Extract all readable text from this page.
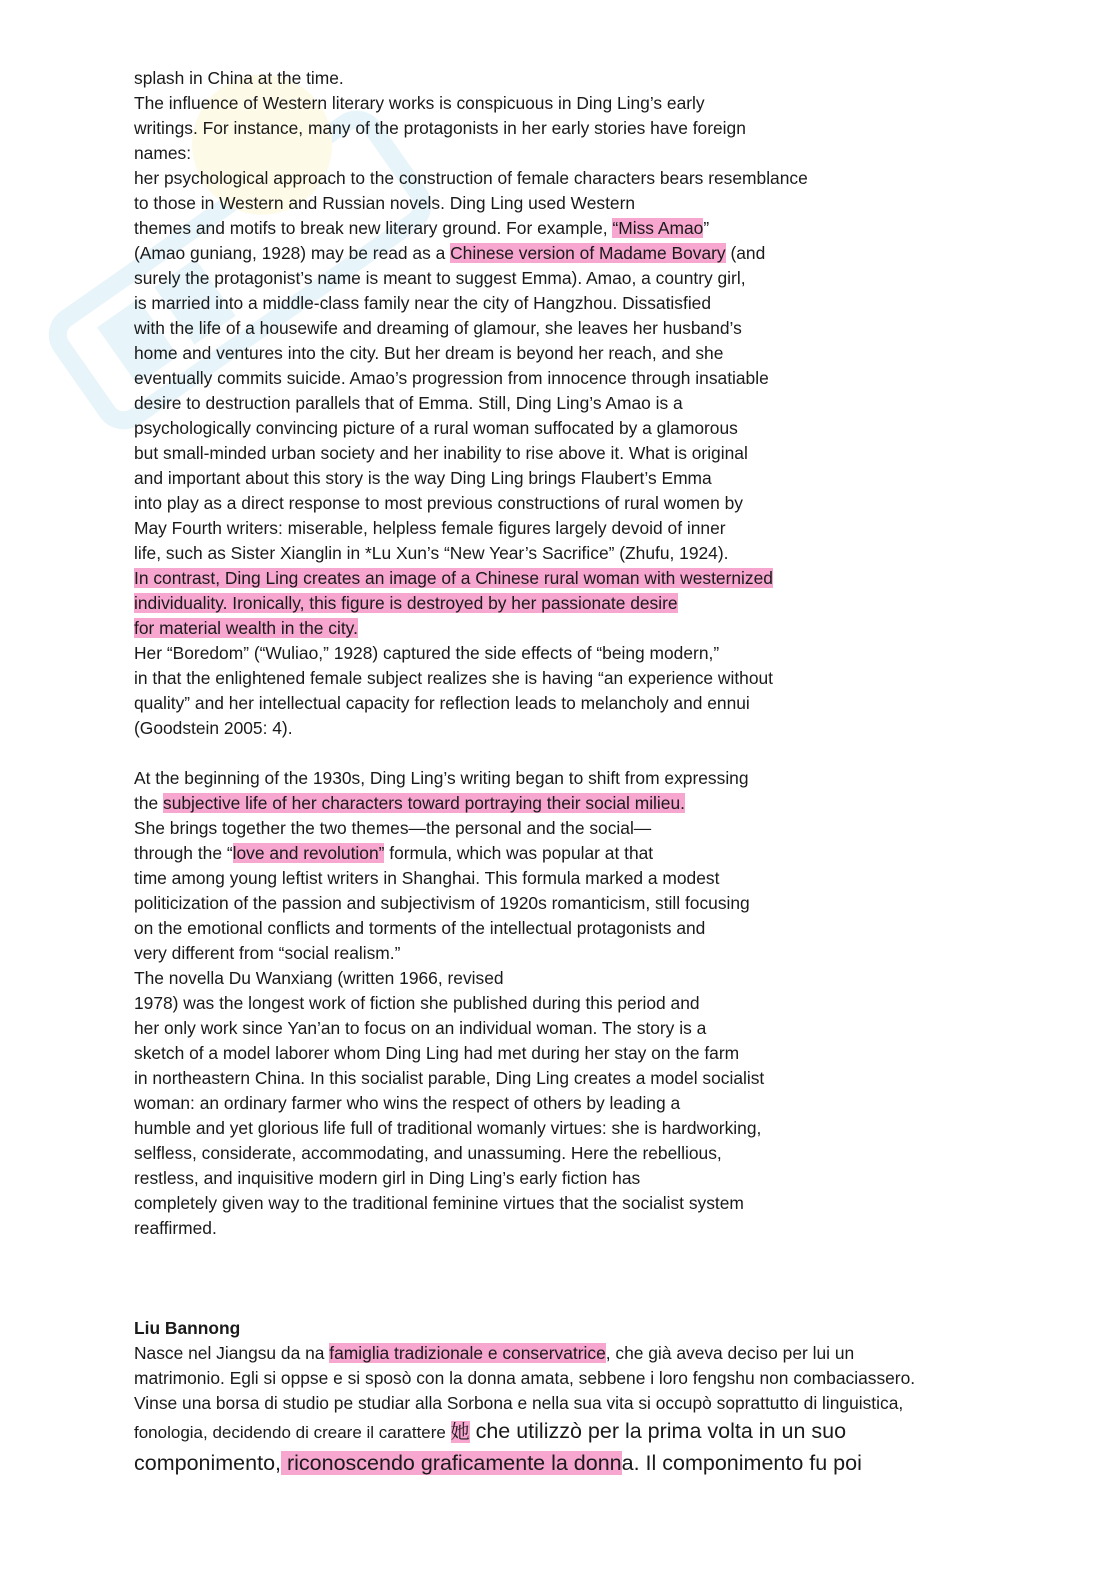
splash in China at the time.
The influence of Western literary works is conspicuous in Ding Ling’s early
writings. For instance, many of the protagonists in her early stories have foreign
names:
her psychological approach to the construction of female characters bears resemblance
to those in Western and Russian novels. Ding Ling used Western
themes and motifs to break new literary ground. For example, “Miss Amao”
(Amao guniang, 1928) may be read as a Chinese version of Madame Bovary (and
surely the protagonist’s name is meant to suggest Emma). Amao, a country girl,
is married into a middle-class family near the city of Hangzhou. Dissatisfied
with the life of a housewife and dreaming of glamour, she leaves her husband’s
home and ventures into the city. But her dream is beyond her reach, and she
eventually commits suicide. Amao’s progression from innocence through insatiable
desire to destruction parallels that of Emma. Still, Ding Ling’s Amao is a
psychologically convincing picture of a rural woman suffocated by a glamorous
but small-minded urban society and her inability to rise above it. What is original
and important about this story is the way Ding Ling brings Flaubert’s Emma
into play as a direct response to most previous constructions of rural women by
May Fourth writers: miserable, helpless female figures largely devoid of inner
life, such as Sister Xianglin in *Lu Xun’s “New Year’s Sacrifice” (Zhufu, 1924).
In contrast, Ding Ling creates an image of a Chinese rural woman with westernized
individuality. Ironically, this figure is destroyed by her passionate desire
for material wealth in the city.
Her “Boredom” (“Wuliao,” 1928) captured the side effects of “being modern,”
in that the enlightened female subject realizes she is having “an experience without
quality” and her intellectual capacity for reflection leads to melancholy and ennui
(Goodstein 2005: 4).
At the beginning of the 1930s, Ding Ling’s writing began to shift from expressing
the subjective life of her characters toward portraying their social milieu.
She brings together the two themes—the personal and the social—
through the “love and revolution” formula, which was popular at that
time among young leftist writers in Shanghai. This formula marked a modest
politicization of the passion and subjectivism of 1920s romanticism, still focusing
on the emotional conflicts and torments of the intellectual protagonists and
very different from “social realism.”
The novella Du Wanxiang (written 1966, revised
1978) was the longest work of fiction she published during this period and
her only work since Yan’an to focus on an individual woman. The story is a
sketch of a model laborer whom Ding Ling had met during her stay on the farm
in northeastern China. In this socialist parable, Ding Ling creates a model socialist
woman: an ordinary farmer who wins the respect of others by leading a
humble and yet glorious life full of traditional womanly virtues: she is hardworking,
selfless, considerate, accommodating, and unassuming. Here the rebellious,
restless, and inquisitive modern girl in Ding Ling’s early fiction has
completely given way to the traditional feminine virtues that the socialist system
reaffirmed.
Liu Bannong
Nasce nel Jiangsu da na famiglia tradizionale e conservatrice, che già aveva deciso per lui un
matrimonio. Egli si oppse e si sposò con la donna amata, sebbene i loro fengshu non combaciassero.
Vinse una borsa di studio pe studiar alla Sorbona e nella sua vita si occupò soprattutto di linguistica,
fonologia, decidendo di creare il carattere 她 che utilizzò per la prima volta in un suo
componimento, riconoscendo graficamente la donna. Il componimento fu poi
